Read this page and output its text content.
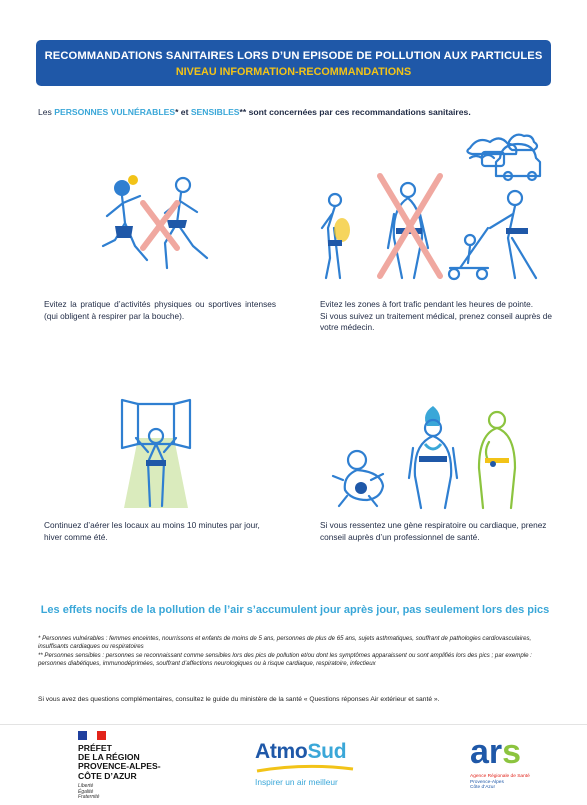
RECOMMANDATIONS SANITAIRES LORS D’UN EPISODE DE POLLUTION AUX PARTICULES
NIVEAU INFORMATION-RECOMMANDATIONS
Les PERSONNES VULNÉRABLES* et SENSIBLES** sont concernées par ces recommandations sanitaires.
Evitez la pratique d’activités physiques ou sportives intenses (qui obligent à respirer par la bouche).
Evitez les zones à fort trafic pendant les heures de pointe.
Si vous suivez un traitement médical, prenez conseil auprès de votre médecin.
Continuez d’aérer les locaux au moins 10 minutes par jour, hiver comme été.
Si vous ressentez une gène respiratoire ou cardiaque, prenez conseil auprès d’un professionnel de santé.
Les effets nocifs de la pollution de l’air s’accumulent jour après jour, pas seulement lors des pics
* Personnes vulnérables : femmes enceintes, nourrissons et enfants de moins de 5 ans, personnes de plus de 65 ans, sujets asthmatiques, souffrant de pathologies cardiovasculaires, insuffisants cardiaques ou respiratoires
** Personnes sensibles : personnes se reconnaissant comme sensibles lors des pics de pollution et/ou dont les symptômes apparaissent ou sont amplifiés lors des pics ; par exemple : personnes diabétiques, immunodéprimées, souffrant d’affections neurologiques ou à risque cardiaque, respiratoire, infectieux
Si vous avez des questions complémentaires, consultez le guide du ministère de la santé « Questions réponses Air extérieur et santé ».
PRÉFET
DE LA RÉGION
PROVENCE-ALPES-
CÔTE D’AZUR
Liberté
Égalité
Fraternité
AtmoSud
Inspirer un air meilleur
ars
Agence Régionale de Santé
Provence-Alpes
Côte d’Azur
